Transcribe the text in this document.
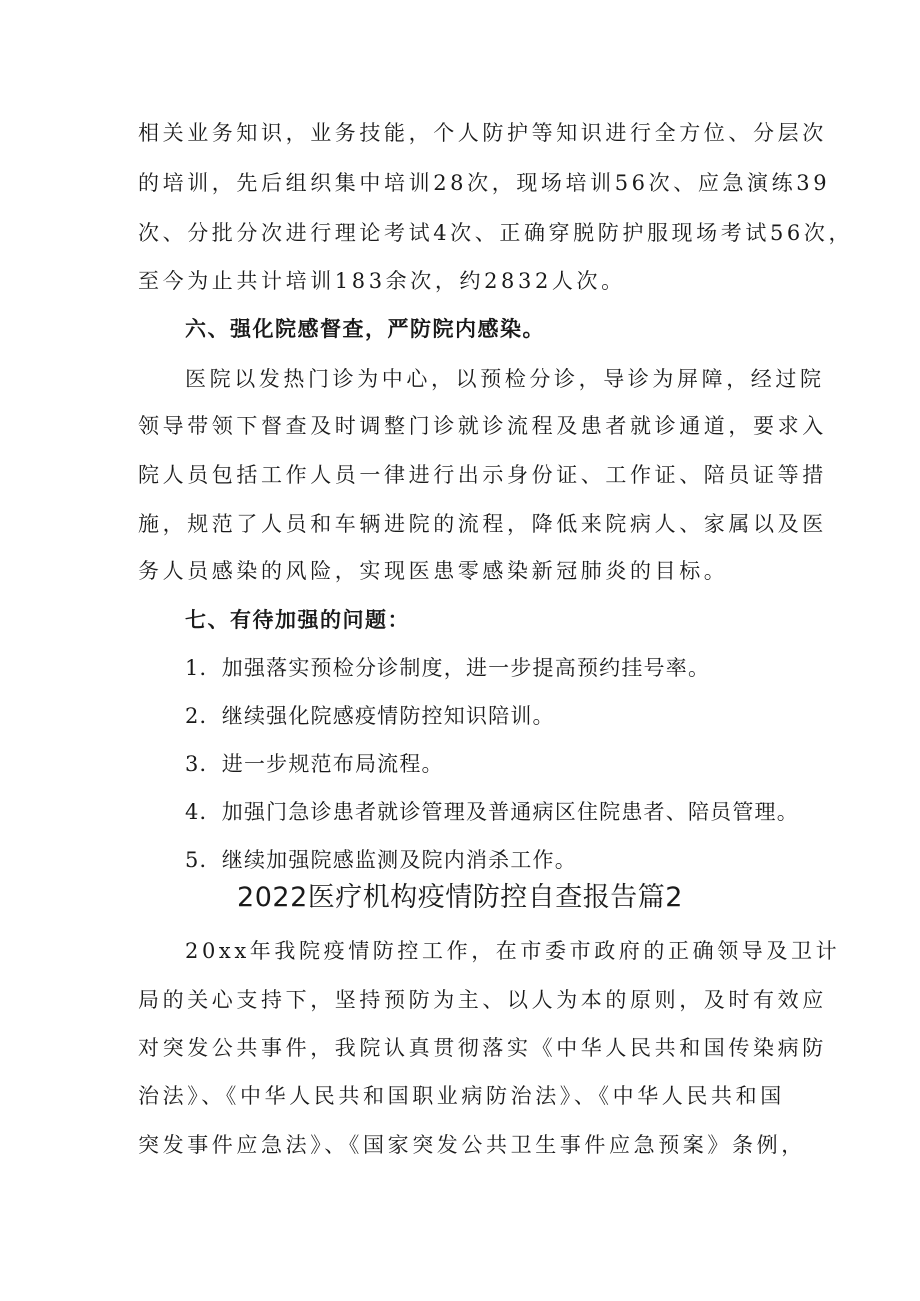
相关业务知识，业务技能，个人防护等知识进行全方位、分层次
的培训，先后组织集中培训28次，现场培训56次、应急演练39
次、分批分次进行理论考试4次、正确穿脱防护服现场考试56次，
至今为止共计培训183余次，约2832人次。
六、强化院感督查，严防院内感染。
医院以发热门诊为中心，以预检分诊，导诊为屏障，经过院
领导带领下督查及时调整门诊就诊流程及患者就诊通道，要求入
院人员包括工作人员一律进行出示身份证、工作证、陪员证等措
施，规范了人员和车辆进院的流程，降低来院病人、家属以及医
务人员感染的风险，实现医患零感染新冠肺炎的目标。
七、有待加强的问题：
1．加强落实预检分诊制度，进一步提高预约挂号率。
2．继续强化院感疫情防控知识陪训。
3．进一步规范布局流程。
4．加强门急诊患者就诊管理及普通病区住院患者、陪员管理。
5．继续加强院感监测及院内消杀工作。
2022医疗机构疫情防控自查报告篇2
20xx年我院疫情防控工作，在市委市政府的正确领导及卫计
局的关心支持下，坚持预防为主、以人为本的原则，及时有效应
对突发公共事件，我院认真贯彻落实《中华人民共和国传染病防
治法》、《中华人民共和国职业病防治法》、《中华人民共和国
突发事件应急法》、《国家突发公共卫生事件应急预案》条例，
